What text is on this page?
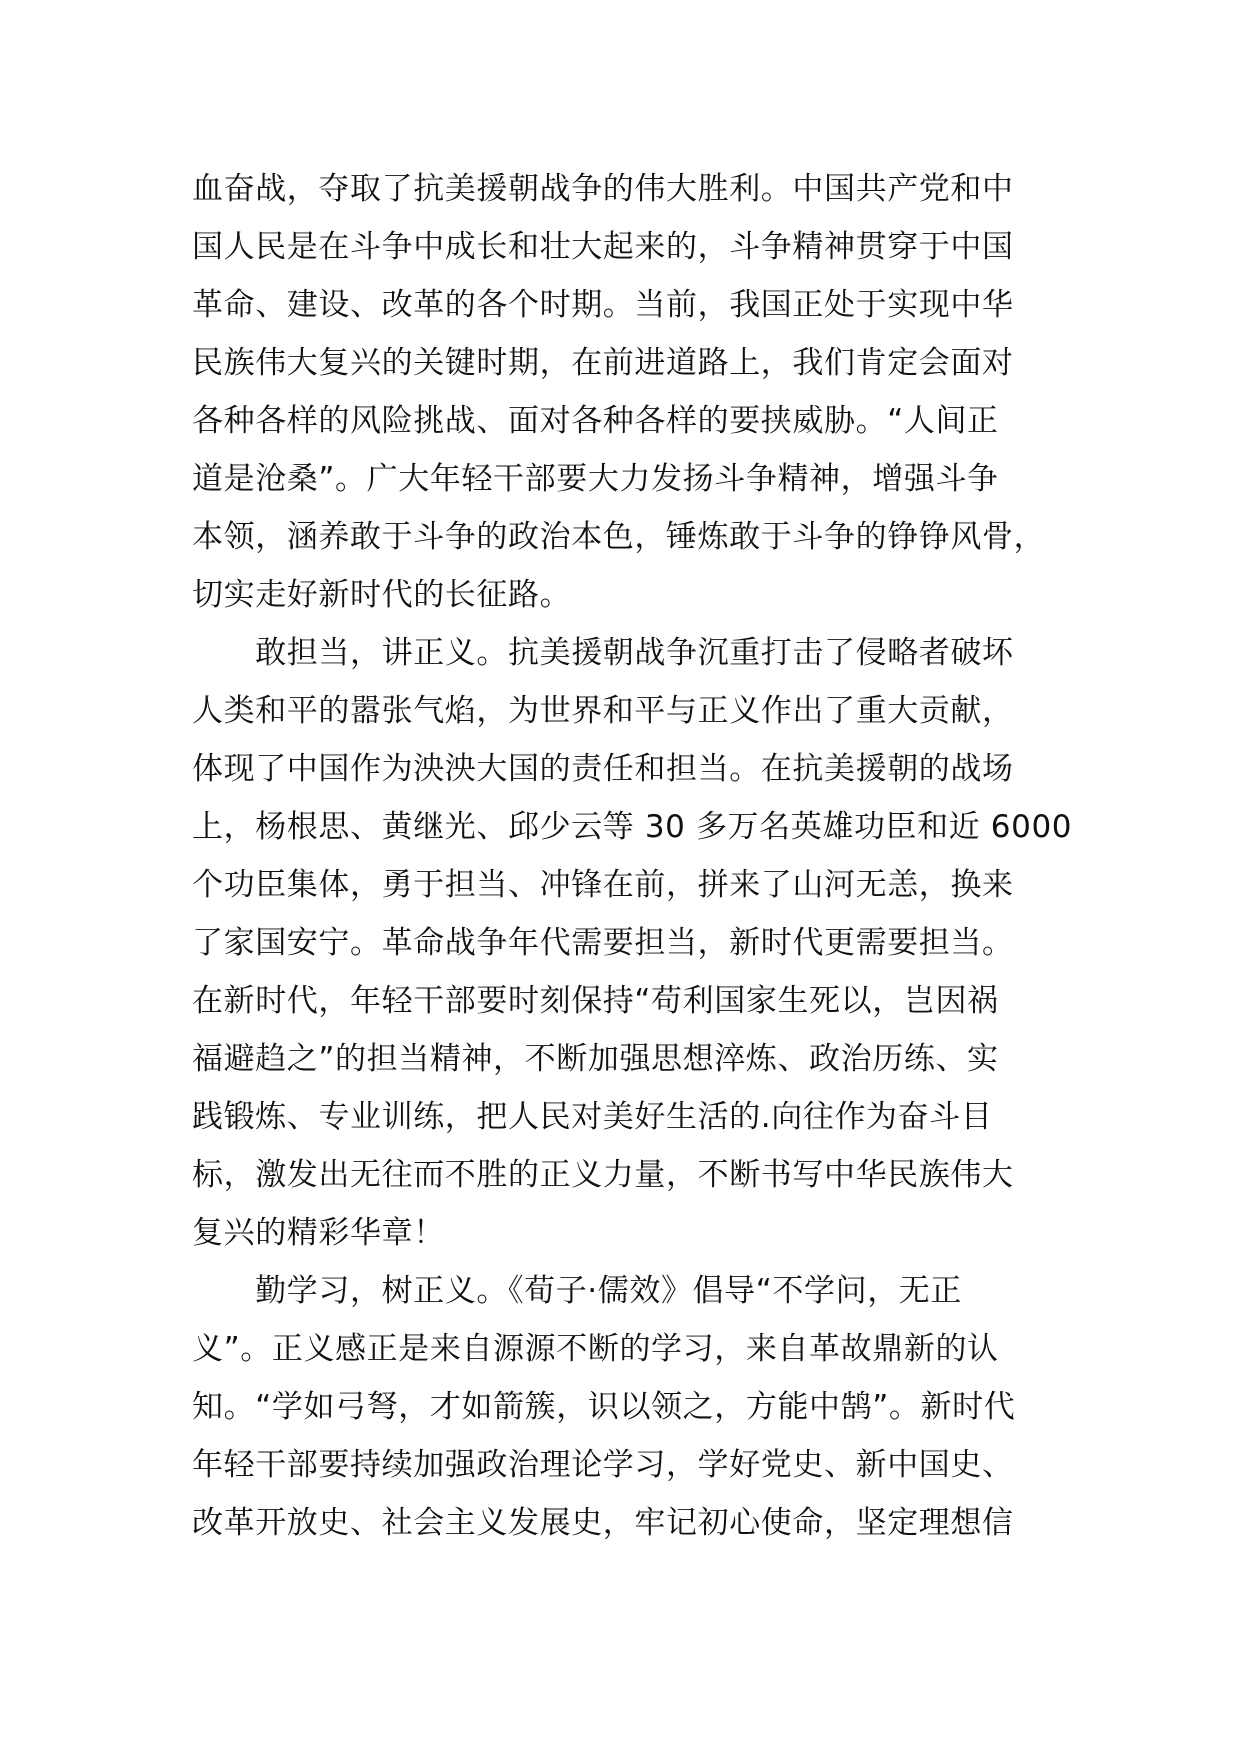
血奋战，夺取了抗美援朝战争的伟大胜利。中国共产党和中
国人民是在斗争中成长和壮大起来的，斗争精神贯穿于中国
革命、建设、改革的各个时期。当前，我国正处于实现中华
民族伟大复兴的关键时期，在前进道路上，我们肯定会面对
各种各样的风险挑战、面对各种各样的要挟威胁。“人间正
道是沧桑”。广大年轻干部要大力发扬斗争精神，增强斗争
本领，涵养敢于斗争的政治本色，锤炼敢于斗争的铮铮风骨，
切实走好新时代的长征路。
　　敢担当，讲正义。抗美援朝战争沉重打击了侵略者破坏
人类和平的嚣张气焰，为世界和平与正义作出了重大贡献，
体现了中国作为泱泱大国的责任和担当。在抗美援朝的战场
上，杨根思、黄继光、邱少云等 30 多万名英雄功臣和近 6000
个功臣集体，勇于担当、冲锋在前，拼来了山河无恙，换来
了家国安宁。革命战争年代需要担当，新时代更需要担当。
在新时代，年轻干部要时刻保持“苟利国家生死以，岂因祸
福避趋之”的担当精神，不断加强思想淬炼、政治历练、实
践锻炼、专业训练，把人民对美好生活的.向往作为奋斗目
标，激发出无往而不胜的正义力量，不断书写中华民族伟大
复兴的精彩华章！
　　勤学习，树正义。《荀子·儒效》倡导“不学问，无正
义”。正义感正是来自源源不断的学习，来自革故鼎新的认
知。“学如弓弩，才如箭簇，识以领之，方能中鹄”。新时代
年轻干部要持续加强政治理论学习，学好党史、新中国史、
改革开放史、社会主义发展史，牢记初心使命，坚定理想信
